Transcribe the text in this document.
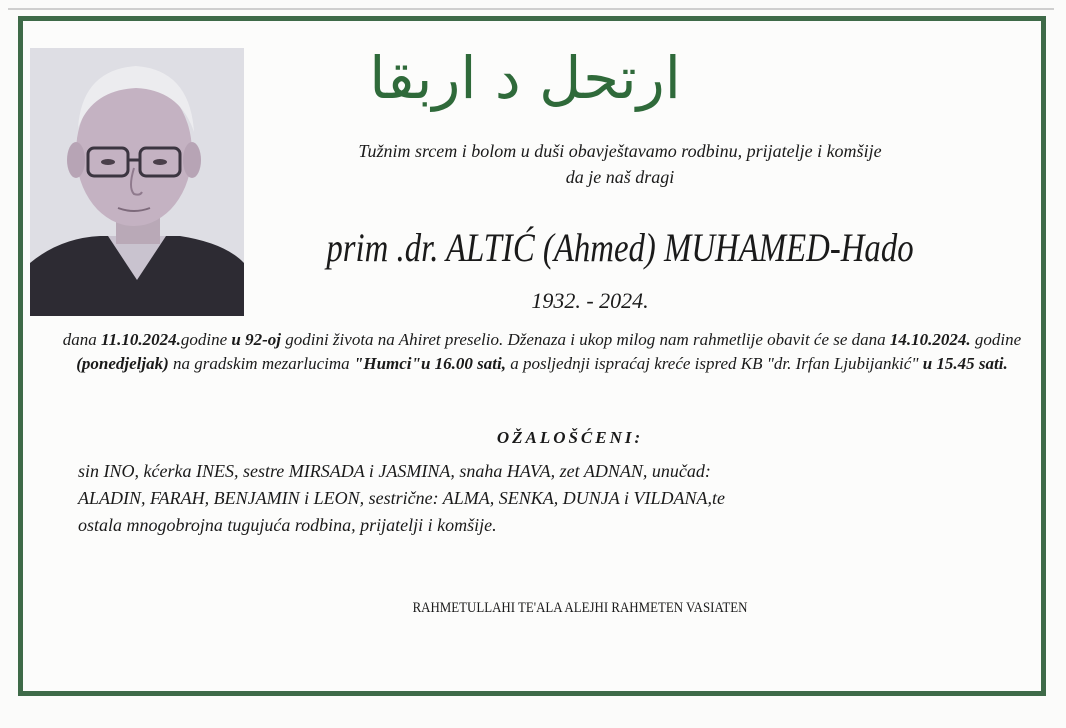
ارتحل د اربقا
Tužnim srcem i bolom u duši obavještavamo rodbinu, prijatelje i komšije
da je naš dragi
prim .dr. ALTIĆ (Ahmed) MUHAMED-Hado
1932. - 2024.
dana 11.10.2024.godine u 92-oj godini života na Ahiret preselio. Dženaza i ukop milog nam rahmetlije obavit će se dana 14.10.2024. godine (ponedjeljak) na gradskim mezarlucima "Humci"u 16.00 sati, a posljednji ispraćaj kreće ispred KB "dr. Irfan Ljubijankić" u 15.45 sati.
OŽALOŠĆENI:
sin INO, kćerka INES, sestre MIRSADA i JASMINA, snaha HAVA, zet ADNAN, unučad:
ALADIN, FARAH, BENJAMIN i LEON, sestrične: ALMA, SENKA, DUNJA i VILDANA,te
ostala mnogobrojna tugujuća rodbina, prijatelji i komšije.
RAHMETULLAHI TE'ALA ALEJHI RAHMETEN VASIATEN
